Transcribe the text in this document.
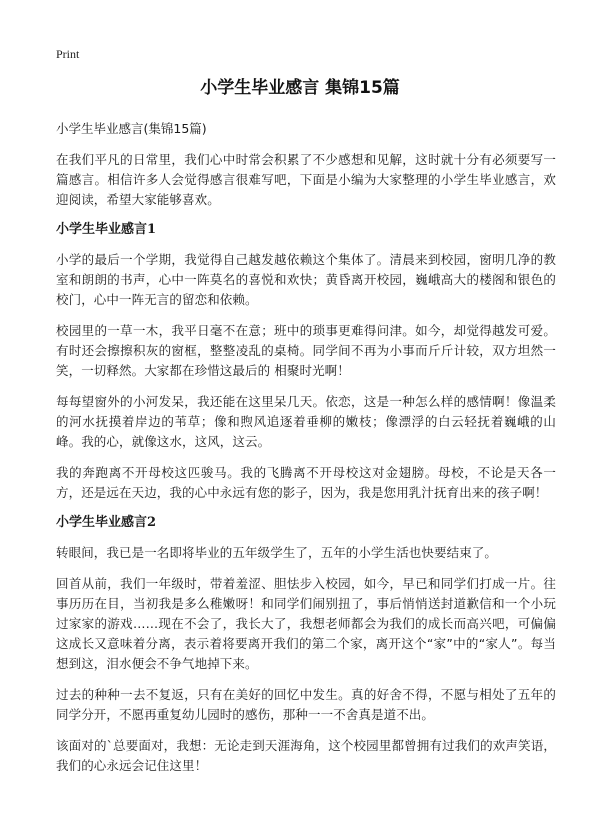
Print
小学生毕业感言 集锦15篇
小学生毕业感言(集锦15篇)

在我们平凡的日常里，我们心中时常会积累了不少感想和见解，这时就十分有必须要写一篇感言。相信许多人会觉得感言很难写吧，下面是小编为大家整理的小学生毕业感言，欢迎阅读，希望大家能够喜欢。

小学生毕业感言1

小学的最后一个学期，我觉得自己越发越依赖这个集体了。清晨来到校园，窗明几净的教室和朗朗的书声，心中一阵莫名的喜悦和欢快；黄昏离开校园，巍峨高大的楼阁和银色的校门，心中一阵无言的留恋和依赖。

校园里的一草一木，我平日毫不在意；班中的琐事更难得问津。如今，却觉得越发可爱。有时还会擦擦积灰的窗框，整整凌乱的桌椅。同学间不再为小事而斤斤计较，双方坦然一笑，一切释然。大家都在珍惜这最后的 相聚时光啊！

每每望窗外的小河发呆，我还能在这里呆几天。依恋，这是一种怎么样的感情啊！像温柔的河水抚摸着岸边的苇草；像和煦风追逐着垂柳的嫩枝；像漂浮的白云轻抚着巍峨的山峰。我的心，就像这水，这风，这云。

我的奔跑离不开母校这匹骏马。我的飞腾离不开母校这对金翅膀。母校，不论是天各一方，还是远在天边，我的心中永远有您的影子，因为，我是您用乳汁抚育出来的孩子啊！

小学生毕业感言2

转眼间，我已是一名即将毕业的五年级学生了，五年的小学生活也快要结束了。

回首从前，我们一年级时，带着羞涩、胆怯步入校园，如今，早已和同学们打成一片。往事历历在目，当初我是多么稚嫩呀！和同学们闹别扭了，事后悄悄送封道歉信和一个小玩过家家的游戏……现在不会了，我长大了，我想老师都会为我们的成长而高兴吧，可偏偏这成长又意味着分离，表示着将要离开我们的第二个家，离开这个“家”中的“家人”。每当想到这，泪水便会不争气地掉下来。

过去的种种一去不复返，只有在美好的回忆中发生。真的好舍不得，不愿与相处了五年的同学分开，不愿再重复幼儿园时的感伤，那种一一不舍真是道不出。

该面对的`总要面对，我想：无论走到天涯海角，这个校园里都曾拥有过我们的欢声笑语，我们的心永远会记住这里！
